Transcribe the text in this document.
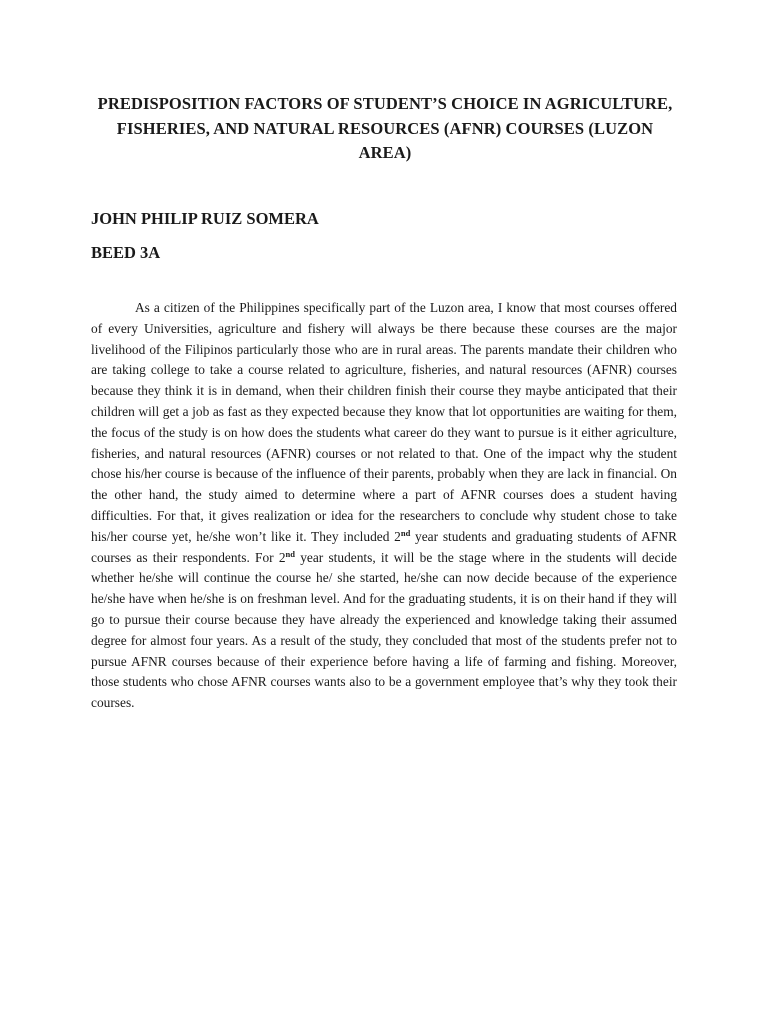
PREDISPOSITION FACTORS OF STUDENT’S CHOICE IN AGRICULTURE, FISHERIES, AND NATURAL RESOURCES (AFNR) COURSES (LUZON AREA)

JOHN PHILIP RUIZ SOMERA

BEED 3A

As a citizen of the Philippines specifically part of the Luzon area, I know that most courses offered of every Universities, agriculture and fishery will always be there because these courses are the major livelihood of the Filipinos particularly those who are in rural areas. The parents mandate their children who are taking college to take a course related to agriculture, fisheries, and natural resources (AFNR) courses because they think it is in demand, when their children finish their course they maybe anticipated that their children will get a job as fast as they expected because they know that lot opportunities are waiting for them, the focus of the study is on how does the students what career do they want to pursue is it either agriculture, fisheries, and natural resources (AFNR) courses or not related to that. One of the impact why the student chose his/her course is because of the influence of their parents, probably when they are lack in financial. On the other hand, the study aimed to determine where a part of AFNR courses does a student having difficulties. For that, it gives realization or idea for the researchers to conclude why student chose to take his/her course yet, he/she won’t like it. They included 2nd year students and graduating students of AFNR courses as their respondents. For 2nd year students, it will be the stage where in the students will decide whether he/she will continue the course he/ she started, he/she can now decide because of the experience he/she have when he/she is on freshman level. And for the graduating students, it is on their hand if they will go to pursue their course because they have already the experienced and knowledge taking their assumed degree for almost four years. As a result of the study, they concluded that most of the students prefer not to pursue AFNR courses because of their experience before having a life of farming and fishing. Moreover, those students who chose AFNR courses wants also to be a government employee that’s why they took their courses.
